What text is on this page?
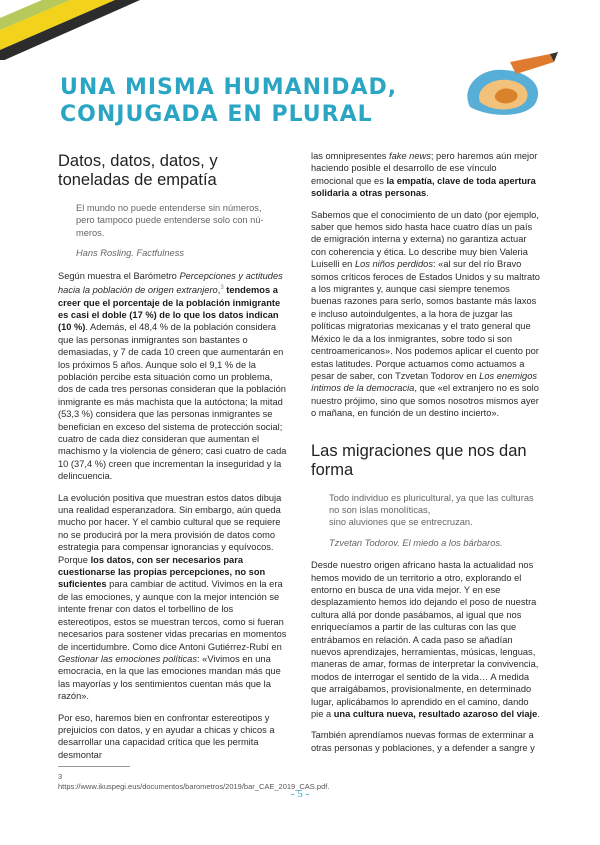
UNA MISMA HUMANIDAD, CONJUGADA EN PLURAL
Datos, datos, datos, y toneladas de empatía
El mundo no puede entenderse sin números,
pero tampoco puede entenderse solo con nú-
meros.
Hans Rosling. Factfulness

Según muestra el Barómetro Percepciones y actitudes hacia la población de origen extranjero,$^3$ tendemos a creer que el porcentaje de la población inmigrante es casi el doble (17 %) de lo que los datos indican (10 %). Además, el 48,4 % de la población considera que las personas inmigrantes son bastantes o demasiadas, y 7 de cada 10 creen que aumentarán en los próximos 5 años. Aunque solo el 9,1 % de la población percibe esta situación como un problema, dos de cada tres personas consideran que la población inmigrante es más machista que la autóctona; la mitad (53,3 %) considera que las personas inmigrantes se benefician en exceso del sistema de protección social; cuatro de cada diez consideran que aumentan el machismo y la violencia de género; casi cuatro de cada 10 (37,4 %) creen que incrementan la inseguridad y la delincuencia.

La evolución positiva que muestran estos datos dibuja una realidad esperanzadora. Sin embargo, aún queda mucho por hacer. Y el cambio cultural que se requiere no se producirá por la mera provisión de datos como estrategia para compensar ignorancias y equívocos. Porque los datos, con ser necesarios para cuestionarse las propias percepciones, no son suficientes para cambiar de actitud. Vivimos en la era de las emociones, y aunque con la mejor intención se intente frenar con datos el torbellino de los estereotipos, estos se muestran tercos, como si fueran necesarios para sostener vidas precarias en momentos de incertidumbre. Como dice Antoni Gutiérrez-Rubí en Gestionar las emociones políticas: «Vivimos en una emocracia, en la que las emociones mandan más que las mayorías y los sentimientos cuentan más que la razón».

Por eso, haremos bien en confrontar estereotipos y prejuicios con datos, y en ayudar a chicas y chicos a desarrollar una capacidad crítica que les permita desmontar

las omnipresentes fake news; pero haremos aún mejor haciendo posible el desarrollo de ese vínculo emocional que es la empatía, clave de toda apertura solidaria a otras personas.

Sabemos que el conocimiento de un dato (por ejemplo, saber que hemos sido hasta hace cuatro días un país de emigración interna y externa) no garantiza actuar con coherencia y ética. Lo describe muy bien Valeria Luiselli en Los niños perdidos: «al sur del río Bravo somos críticos feroces de Estados Unidos y su maltrato a los migrantes y, aunque casi siempre tenemos buenas razones para serlo, somos bastante más laxos e incluso autoindulgentes, a la hora de juzgar las políticas migratorias mexicanas y el trato general que México le da a los inmigrantes, sobre todo si son centroamericanos». Nos podemos aplicar el cuento por estas latitudes. Porque actuamos como actuamos a pesar de saber, con Tzvetan Todorov en Los enemigos íntimos de la democracia, que «el extranjero no es solo nuestro prójimo, sino que somos nosotros mismos ayer o mañana, en función de un destino incierto».

Las migraciones que nos dan forma
Todo individuo es pluricultural, ya que las culturas no son islas monolíticas,
sino aluviones que se entrecruzan.
Tzvetan Todorov. El miedo a los bárbaros.

Desde nuestro origen africano hasta la actualidad nos hemos movido de un territorio a otro, explorando el entorno en busca de una vida mejor. Y en ese desplazamiento hemos ido dejando el poso de nuestra cultura allá por donde pasábamos, al igual que nos enriquecíamos a partir de las culturas con las que entrábamos en relación. A cada paso se añadían nuevos aprendizajes, herramientas, músicas, lenguas, maneras de amar, formas de interpretar la convivencia, modos de interrogar el sentido de la vida… A medida que arraigábamos, provisionalmente, en determinado lugar, aplicábamos lo aprendido en el camino, dando pie a una cultura nueva, resultado azaroso del viaje.

También aprendíamos nuevas formas de exterminar a otras personas y poblaciones, y a defender a sangre y

3 https://www.ikuspegi.eus/documentos/barometros/2019/bar_CAE_2019_CAS.pdf.
- 5 -
